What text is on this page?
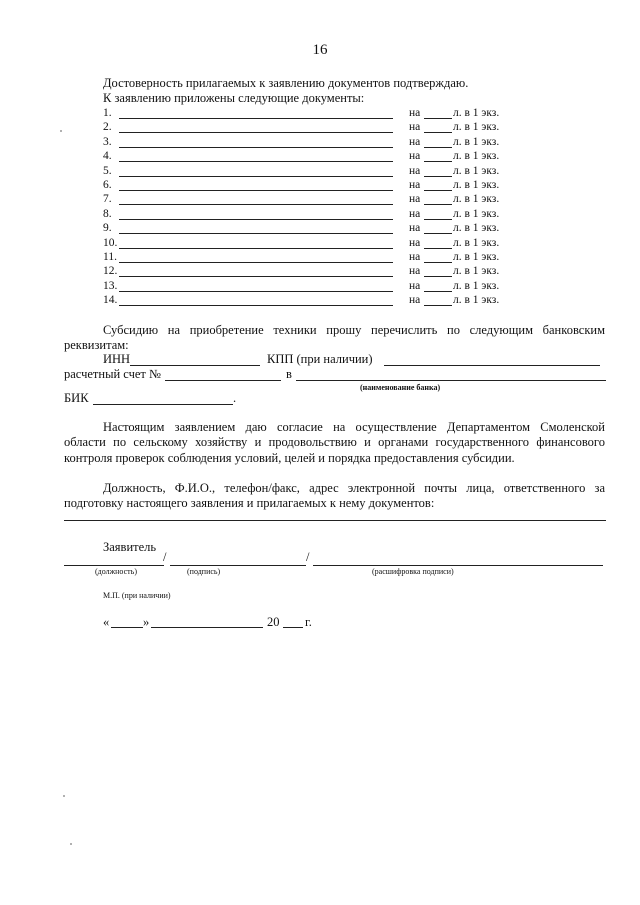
16
Достоверность прилагаемых к заявлению документов подтверждаю.
К заявлению приложены следующие документы:
1.	на	л. в 1 экз.
2.	на	л. в 1 экз.
3.	на	л. в 1 экз.
4.	на	л. в 1 экз.
5.	на	л. в 1 экз.
6.	на	л. в 1 экз.
7.	на	л. в 1 экз.
8.	на	л. в 1 экз.
9.	на	л. в 1 экз.
10.	на	л. в 1 экз.
11.	на	л. в 1 экз.
12.	на	л. в 1 экз.
13.	на	л. в 1 экз.
14.	на	л. в 1 экз.
Субсидию на приобретение техники прошу перечислить по следующим банковским
реквизитам:
ИНН	КПП (при наличии)
расчетный счет №	в
(наименование банка)
БИК	.
Настоящим заявлением даю согласие на осуществление Департаментом Смоленской
области по сельскому хозяйству и продовольствию и органами государственного финансового
контроля проверок соблюдения условий, целей и порядка предоставления субсидии.
Должность, Ф.И.О., телефон/факс, адрес электронной почты лица, ответственного за
подготовку настоящего заявления и прилагаемых к нему документов:
Заявитель
/	/
(должность)	(подпись)	(расшифровка подписи)
М.П. (при наличии)
«	»	20 г.
